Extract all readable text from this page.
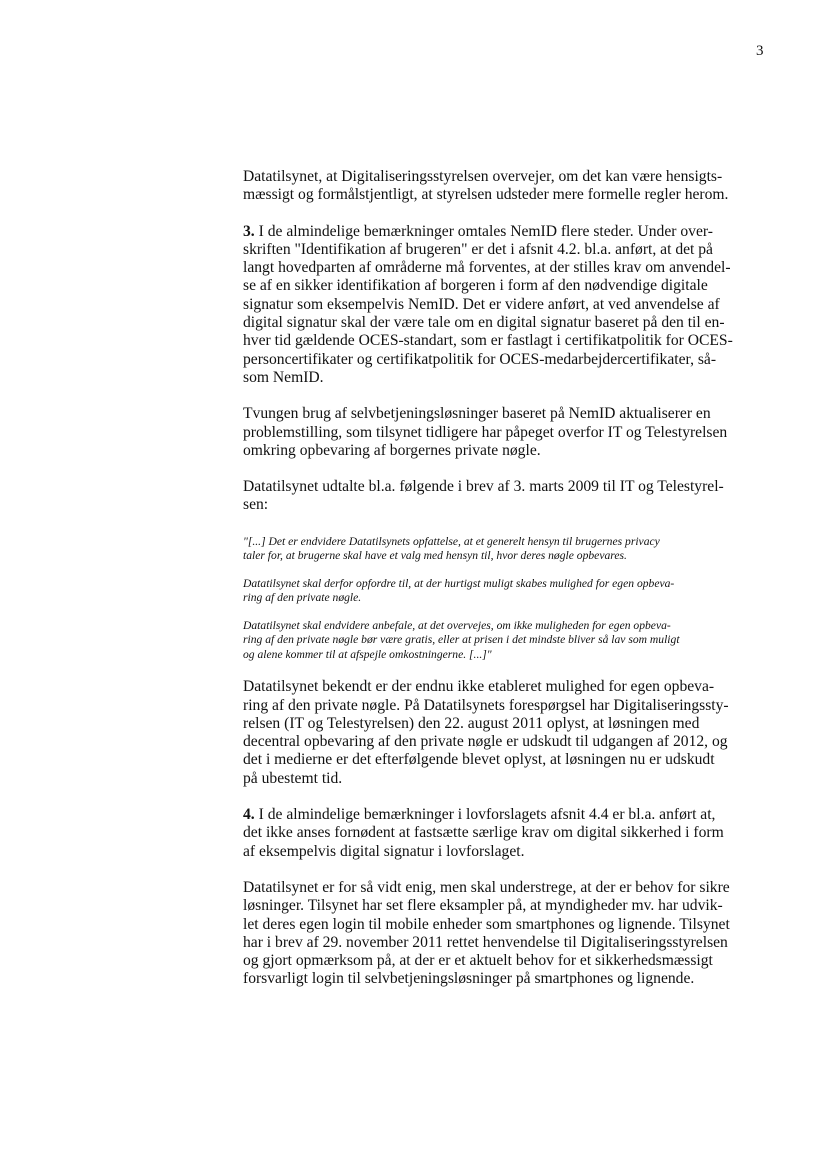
3

Datatilsynet, at Digitaliseringsstyrelsen overvejer, om det kan være hensigts-
mæssigt og formålstjentligt, at styrelsen udsteder mere formelle regler herom.

3. I de almindelige bemærkninger omtales NemID flere steder. Under over-
skriften "Identifikation af brugeren" er det i afsnit 4.2. bl.a. anført, at det på
langt hovedparten af områderne må forventes, at der stilles krav om anvendel-
se af en sikker identifikation af borgeren i form af den nødvendige digitale
signatur som eksempelvis NemID. Det er videre anført, at ved anvendelse af
digital signatur skal der være tale om en digital signatur baseret på den til en-
hver tid gældende OCES-standart, som er fastlagt i certifikatpolitik for OCES-
personcertifikater og certifikatpolitik for OCES-medarbejdercertifikater, så-
som NemID.

Tvungen brug af selvbetjeningsløsninger baseret på NemID aktualiserer en
problemstilling, som tilsynet tidligere har påpeget overfor IT og Telestyrelsen
omkring opbevaring af borgernes private nøgle.

Datatilsynet udtalte bl.a. følgende i brev af 3. marts 2009 til IT og Telestyrel-
sen:

"[...] Det er endvidere Datatilsynets opfattelse, at et generelt hensyn til brugernes privacy
taler for, at brugerne skal have et valg med hensyn til, hvor deres nøgle opbevares.

Datatilsynet skal derfor opfordre til, at der hurtigst muligt skabes mulighed for egen opbeva-
ring af den private nøgle.

Datatilsynet skal endvidere anbefale, at det overvejes, om ikke muligheden for egen opbeva-
ring af den private nøgle bør være gratis, eller at prisen i det mindste bliver så lav som muligt
og alene kommer til at afspejle omkostningerne. [...]"

Datatilsynet bekendt er der endnu ikke etableret mulighed for egen opbeva-
ring af den private nøgle. På Datatilsynets forespørgsel har Digitaliseringssty-
relsen (IT og Telestyrelsen) den 22. august 2011 oplyst, at løsningen med
decentral opbevaring af den private nøgle er udskudt til udgangen af 2012, og
det i medierne er det efterfølgende blevet oplyst, at løsningen nu er udskudt
på ubestemt tid.

4. I de almindelige bemærkninger i lovforslagets afsnit 4.4 er bl.a. anført at,
det ikke anses fornødent at fastsætte særlige krav om digital sikkerhed i form
af eksempelvis digital signatur i lovforslaget.

Datatilsynet er for så vidt enig, men skal understrege, at der er behov for sikre
løsninger. Tilsynet har set flere eksampler på, at myndigheder mv. har udvik-
let deres egen login til mobile enheder som smartphones og lignende. Tilsynet
har i brev af 29. november 2011 rettet henvendelse til Digitaliseringsstyrelsen
og gjort opmærksom på, at der er et aktuelt behov for et sikkerhedsmæssigt
forsvarligt login til selvbetjeningsløsninger på smartphones og lignende.
